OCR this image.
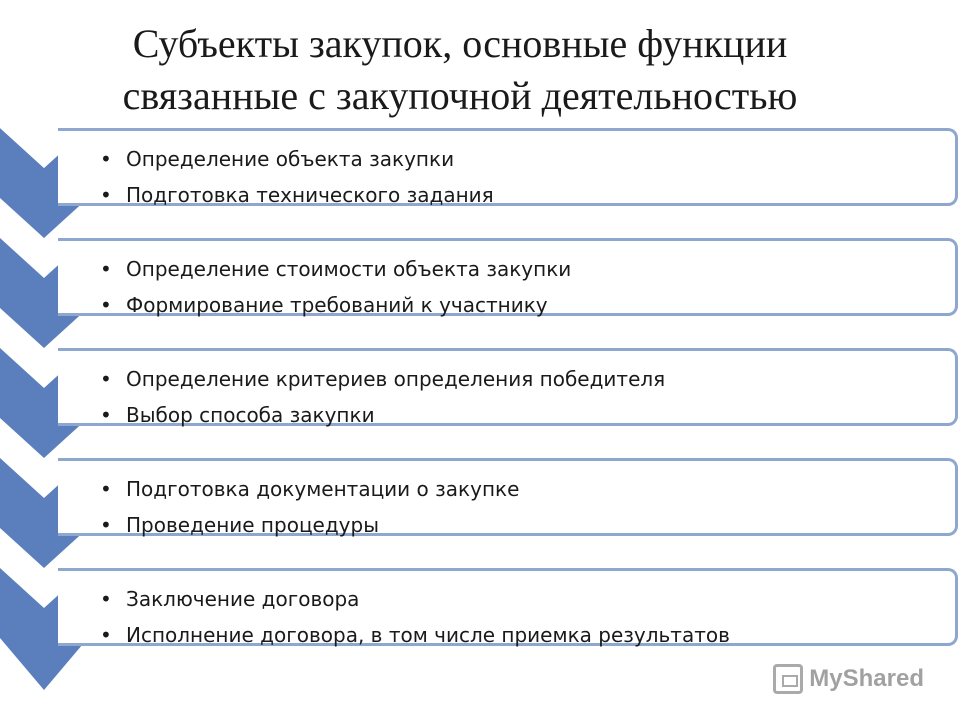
Субъекты закупок, основные функции
связанные с закупочной деятельностью
• Определение объекта закупки
• Подготовка технического задания
• Определение стоимости объекта закупки
• Формирование требований к участнику
• Определение критериев определения победителя
• Выбор способа закупки
• Подготовка документации о закупке
• Проведение процедуры
• Заключение договора
• Исполнение договора, в том числе приемка результатов
MyShared
